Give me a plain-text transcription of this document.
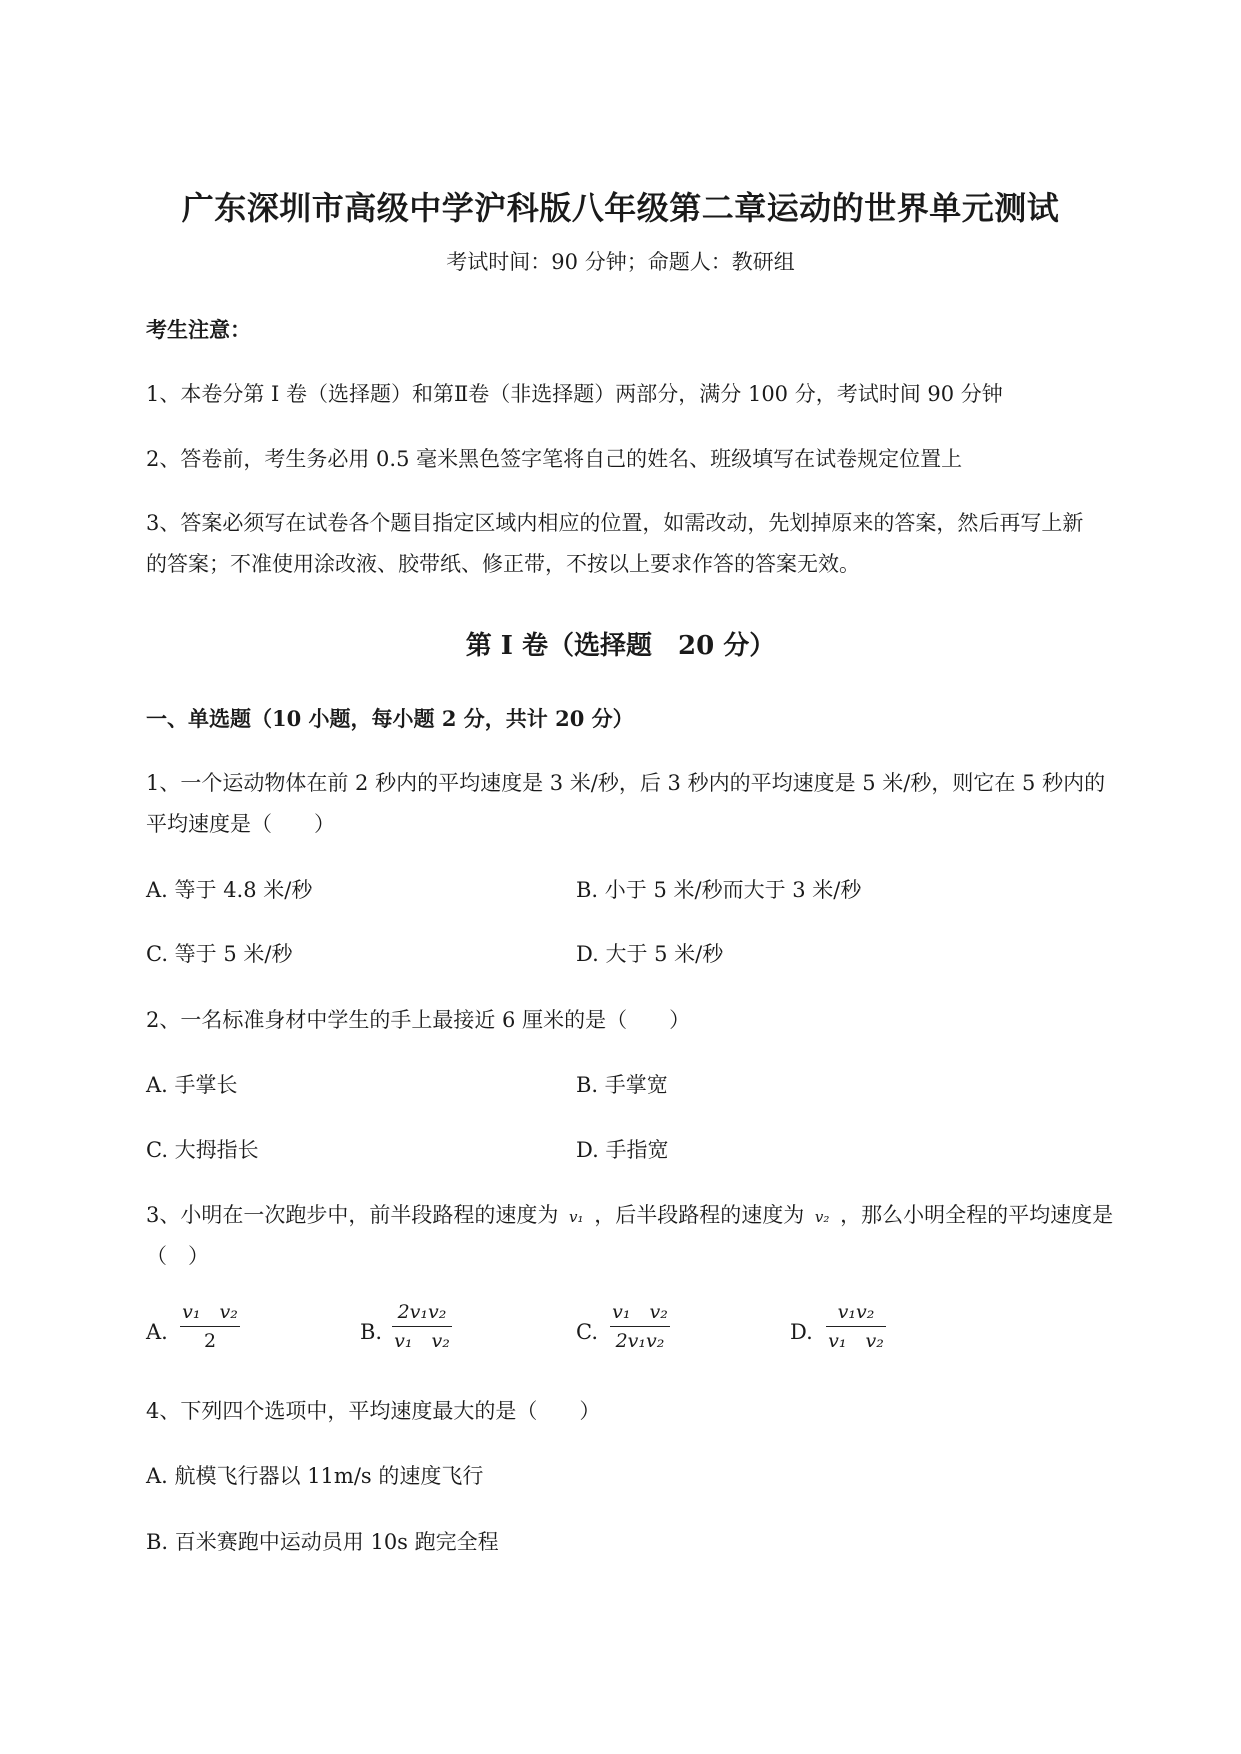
广东深圳市高级中学沪科版八年级第二章运动的世界单元测试
考试时间：90 分钟；命题人：教研组
考生注意：
1、本卷分第 I 卷（选择题）和第Ⅱ卷（非选择题）两部分，满分 100 分，考试时间 90 分钟
2、答卷前，考生务必用 0.5 毫米黑色签字笔将自己的姓名、班级填写在试卷规定位置上
3、答案必须写在试卷各个题目指定区域内相应的位置，如需改动，先划掉原来的答案，然后再写上新
的答案；不准使用涂改液、胶带纸、修正带，不按以上要求作答的答案无效。
第 I 卷（选择题　20 分）
一、单选题（10 小题，每小题 2 分，共计 20 分）
1、一个运动物体在前 2 秒内的平均速度是 3 米/秒，后 3 秒内的平均速度是 5 米/秒，则它在 5 秒内的
平均速度是（　　）
A. 等于 4.8 米/秒	B. 小于 5 米/秒而大于 3 米/秒
C. 等于 5 米/秒	D. 大于 5 米/秒
2、一名标准身材中学生的手上最接近 6 厘米的是（　　）
A. 手掌长	B. 手掌宽
C. 大拇指长	D. 手指宽
3、小明在一次跑步中，前半段路程的速度为 v₁ ，后半段路程的速度为 v₂ ，那么小明全程的平均速度是
（　）
A.
v₁　v₂
2	B.
2v₁v₂
v₁　v₂	C.
v₁　v₂
2v₁v₂	D.
v₁v₂
v₁　v₂
4、下列四个选项中，平均速度最大的是（　　）
A. 航模飞行器以 11m/s 的速度飞行
B. 百米赛跑中运动员用 10s 跑完全程
